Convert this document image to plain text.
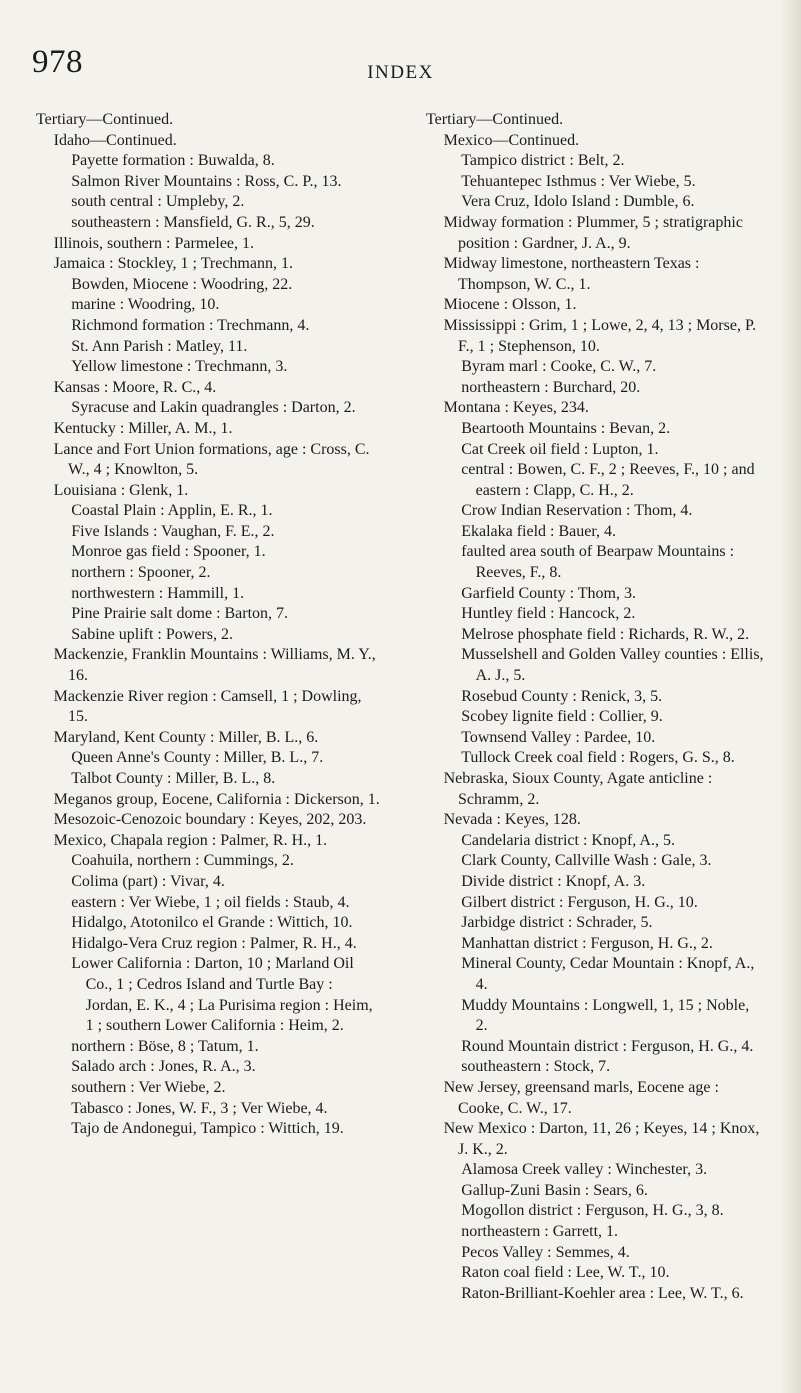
978	INDEX
Tertiary—Continued.
Idaho—Continued.
Payette formation : Buwalda, 8.
Salmon River Mountains : Ross, C. P., 13.
south central : Umpleby, 2.
southeastern : Mansfield, G. R., 5, 29.
Illinois, southern : Parmelee, 1.
Jamaica : Stockley, 1 ; Trechmann, 1.
Bowden, Miocene : Woodring, 22.
marine : Woodring, 10.
Richmond formation : Trechmann, 4.
St. Ann Parish : Matley, 11.
Yellow limestone : Trechmann, 3.
Kansas : Moore, R. C., 4.
Syracuse and Lakin quadrangles : Darton, 2.
Kentucky : Miller, A. M., 1.
Lance and Fort Union formations, age : Cross, C. W., 4 ; Knowlton, 5.
Louisiana : Glenk, 1.
Coastal Plain : Applin, E. R., 1.
Five Islands : Vaughan, F. E., 2.
Monroe gas field : Spooner, 1.
northern : Spooner, 2.
northwestern : Hammill, 1.
Pine Prairie salt dome : Barton, 7.
Sabine uplift : Powers, 2.
Mackenzie, Franklin Mountains : Williams, M. Y., 16.
Mackenzie River region : Camsell, 1 ; Dowling, 15.
Maryland, Kent County : Miller, B. L., 6.
Queen Anne's County : Miller, B. L., 7.
Talbot County : Miller, B. L., 8.
Meganos group, Eocene, California : Dickerson, 1.
Mesozoic-Cenozoic boundary : Keyes, 202, 203.
Mexico, Chapala region : Palmer, R. H., 1.
Coahuila, northern : Cummings, 2.
Colima (part) : Vivar, 4.
eastern : Ver Wiebe, 1 ; oil fields : Staub, 4.
Hidalgo, Atotonilco el Grande : Wittich, 10.
Hidalgo-Vera Cruz region : Palmer, R. H., 4.
Lower California : Darton, 10 ; Marland Oil Co., 1 ; Cedros Island and Turtle Bay : Jordan, E. K., 4 ; La Purisima region : Heim, 1 ; southern Lower California : Heim, 2.
northern : Böse, 8 ; Tatum, 1.
Salado arch : Jones, R. A., 3.
southern : Ver Wiebe, 2.
Tabasco : Jones, W. F., 3 ; Ver Wiebe, 4.
Tajo de Andonegui, Tampico : Wittich, 19.
Tertiary—Continued.
Mexico—Continued.
Tampico district : Belt, 2.
Tehuantepec Isthmus : Ver Wiebe, 5.
Vera Cruz, Idolo Island : Dumble, 6.
Midway formation : Plummer, 5 ; stratigraphic position : Gardner, J. A., 9.
Midway limestone, northeastern Texas : Thompson, W. C., 1.
Miocene : Olsson, 1.
Mississippi : Grim, 1 ; Lowe, 2, 4, 13 ; Morse, P. F., 1 ; Stephenson, 10.
Byram marl : Cooke, C. W., 7.
northeastern : Burchard, 20.
Montana : Keyes, 234.
Beartooth Mountains : Bevan, 2.
Cat Creek oil field : Lupton, 1.
central : Bowen, C. F., 2 ; Reeves, F., 10 ; and eastern : Clapp, C. H., 2.
Crow Indian Reservation : Thom, 4.
Ekalaka field : Bauer, 4.
faulted area south of Bearpaw Mountains : Reeves, F., 8.
Garfield County : Thom, 3.
Huntley field : Hancock, 2.
Melrose phosphate field : Richards, R. W., 2.
Musselshell and Golden Valley counties : Ellis, A. J., 5.
Rosebud County : Renick, 3, 5.
Scobey lignite field : Collier, 9.
Townsend Valley : Pardee, 10.
Tullock Creek coal field : Rogers, G. S., 8.
Nebraska, Sioux County, Agate anticline : Schramm, 2.
Nevada : Keyes, 128.
Candelaria district : Knopf, A., 5.
Clark County, Callville Wash : Gale, 3.
Divide district : Knopf, A. 3.
Gilbert district : Ferguson, H. G., 10.
Jarbidge district : Schrader, 5.
Manhattan district : Ferguson, H. G., 2.
Mineral County, Cedar Mountain : Knopf, A., 4.
Muddy Mountains : Longwell, 1, 15 ; Noble, 2.
Round Mountain district : Ferguson, H. G., 4.
southeastern : Stock, 7.
New Jersey, greensand marls, Eocene age : Cooke, C. W., 17.
New Mexico : Darton, 11, 26 ; Keyes, 14 ; Knox, J. K., 2.
Alamosa Creek valley : Winchester, 3.
Gallup-Zuni Basin : Sears, 6.
Mogollon district : Ferguson, H. G., 3, 8.
northeastern : Garrett, 1.
Pecos Valley : Semmes, 4.
Raton coal field : Lee, W. T., 10.
Raton-Brilliant-Koehler area : Lee, W. T., 6.
